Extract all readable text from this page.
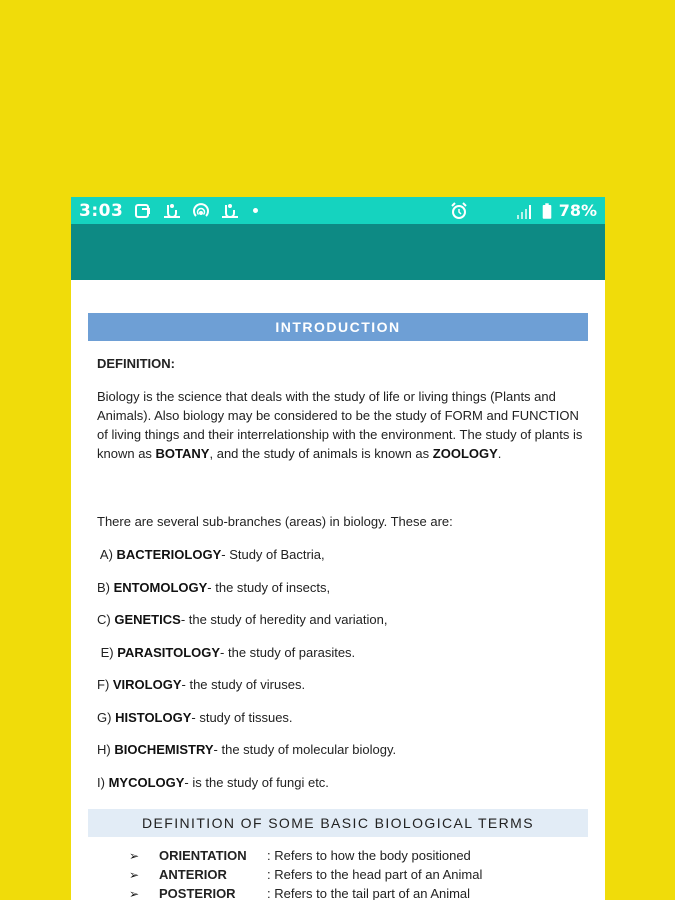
3:03	78%
INTRODUCTION
DEFINITION:
Biology is the science that deals with the study of life or living things (Plants and Animals). Also biology may be considered to be the study of FORM and FUNCTION of living things and their interrelationship with the environment. The study of plants is known as BOTANY, and the study of animals is known as ZOOLOGY.
There are several sub-branches (areas) in biology. These are:
A) BACTERIOLOGY- Study of Bactria,
B) ENTOMOLOGY- the study of insects,
C) GENETICS- the study of heredity and variation,
E) PARASITOLOGY- the study of parasites.
F) VIROLOGY- the study of viruses.
G) HISTOLOGY- study of tissues.
H) BIOCHEMISTRY- the study of molecular biology.
I) MYCOLOGY- is the study of fungi etc.
DEFINITION OF SOME BASIC BIOLOGICAL TERMS
➢	ORIENTATION	: Refers to how the body positioned
➢	ANTERIOR	: Refers to the head part of an Animal
➢	POSTERIOR	: Refers to the tail part of an Animal
